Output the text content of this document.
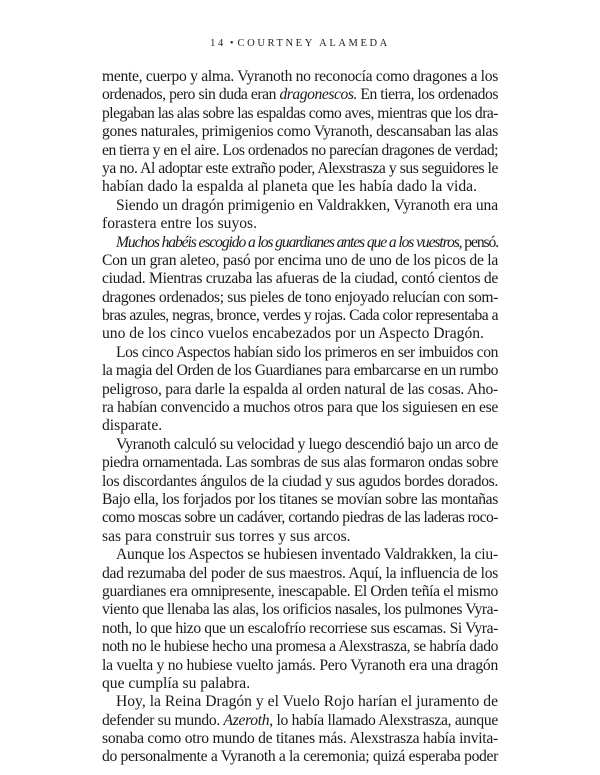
14 • COURTNEY ALAMEDA
mente, cuerpo y alma. Vyranoth no reconocía como dragones a los
ordenados, pero sin duda eran dragonescos. En tierra, los ordenados
plegaban las alas sobre las espaldas como aves, mientras que los dra-
gones naturales, primigenios como Vyranoth, descansaban las alas
en tierra y en el aire. Los ordenados no parecían dragones de verdad;
ya no. Al adoptar este extraño poder, Alexstrasza y sus seguidores le
habían dado la espalda al planeta que les había dado la vida.
Siendo un dragón primigenio en Valdrakken, Vyranoth era una
forastera entre los suyos.
Muchos habéis escogido a los guardianes antes que a los vuestros, pensó.
Con un gran aleteo, pasó por encima uno de uno de los picos de la
ciudad. Mientras cruzaba las afueras de la ciudad, contó cientos de
dragones ordenados; sus pieles de tono enjoyado relucían con som-
bras azules, negras, bronce, verdes y rojas. Cada color representaba a
uno de los cinco vuelos encabezados por un Aspecto Dragón.
Los cinco Aspectos habían sido los primeros en ser imbuidos con
la magia del Orden de los Guardianes para embarcarse en un rumbo
peligroso, para darle la espalda al orden natural de las cosas. Aho-
ra habían convencido a muchos otros para que los siguiesen en ese
disparate.
Vyranoth calculó su velocidad y luego descendió bajo un arco de
piedra ornamentada. Las sombras de sus alas formaron ondas sobre
los discordantes ángulos de la ciudad y sus agudos bordes dorados.
Bajo ella, los forjados por los titanes se movían sobre las montañas
como moscas sobre un cadáver, cortando piedras de las laderas roco-
sas para construir sus torres y sus arcos.
Aunque los Aspectos se hubiesen inventado Valdrakken, la ciu-
dad rezumaba del poder de sus maestros. Aquí, la influencia de los
guardianes era omnipresente, inescapable. El Orden teñía el mismo
viento que llenaba las alas, los orificios nasales, los pulmones Vyra-
noth, lo que hizo que un escalofrío recorriese sus escamas. Si Vyra-
noth no le hubiese hecho una promesa a Alexstrasza, se habría dado
la vuelta y no hubiese vuelto jamás. Pero Vyranoth era una dragón
que cumplía su palabra.
Hoy, la Reina Dragón y el Vuelo Rojo harían el juramento de
defender su mundo. Azeroth, lo había llamado Alexstrasza, aunque
sonaba como otro mundo de titanes más. Alexstrasza había invita-
do personalmente a Vyranoth a la ceremonia; quizá esperaba poder
